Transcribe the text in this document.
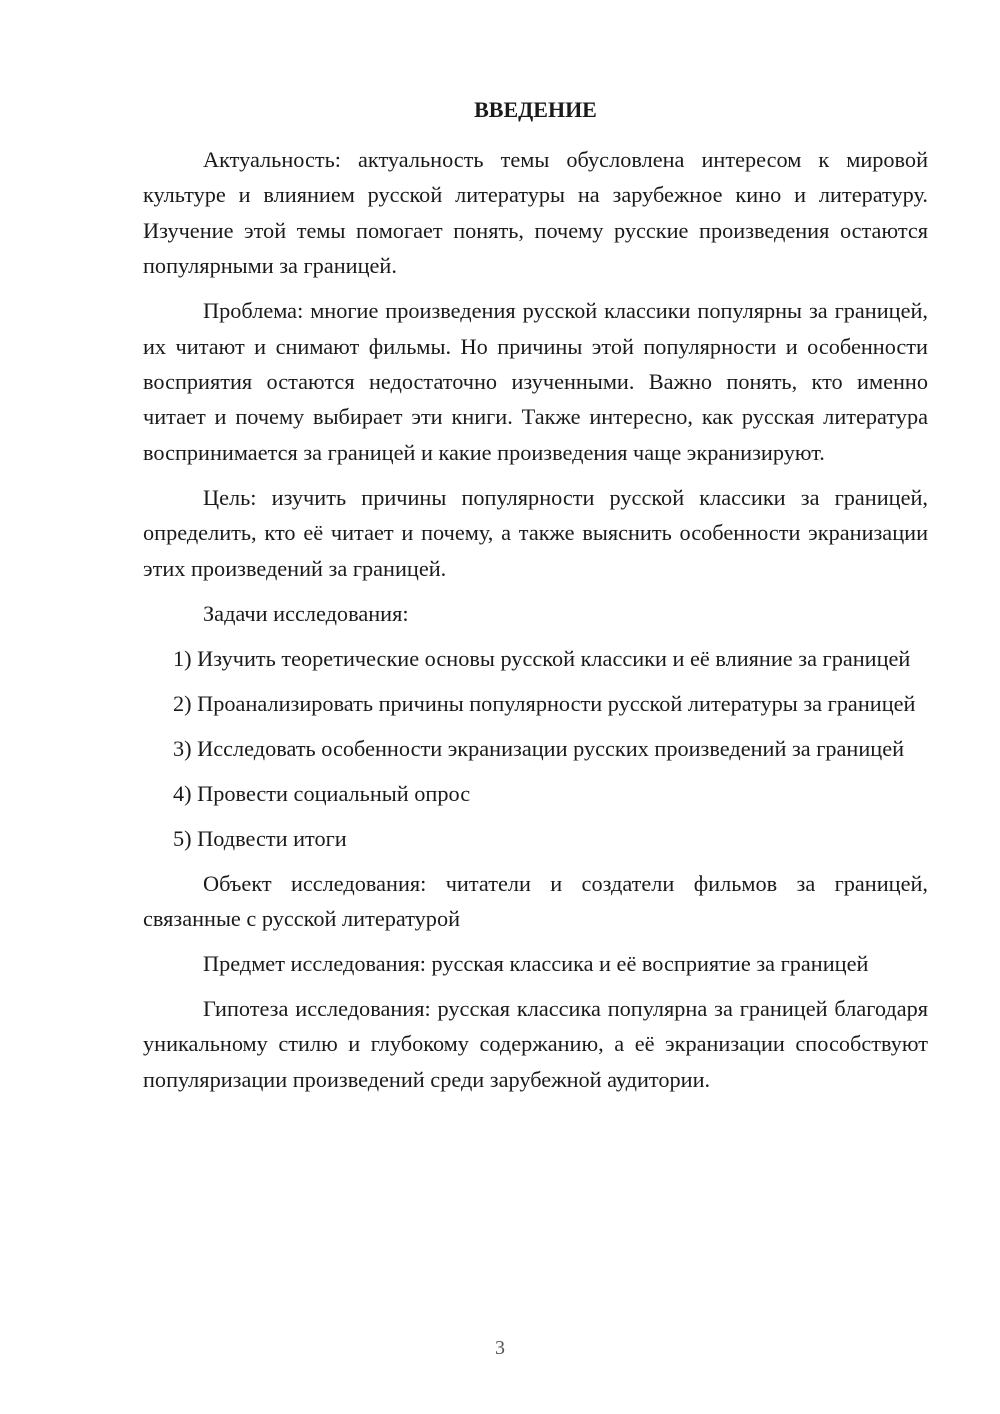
ВВЕДЕНИЕ

Актуальность: актуальность темы обусловлена интересом к мировой культуре и влиянием русской литературы на зарубежное кино и литературу. Изучение этой темы помогает понять, почему русские произведения остаются популярными за границей.

Проблема: многие произведения русской классики популярны за границей, их читают и снимают фильмы. Но причины этой популярности и особенности восприятия остаются недостаточно изученными. Важно понять, кто именно читает и почему выбирает эти книги. Также интересно, как русская литература воспринимается за границей и какие произведения чаще экранизируют.

Цель: изучить причины популярности русской классики за границей, определить, кто её читает и почему, а также выяснить особенности экранизации этих произведений за границей.

Задачи исследования:

1) Изучить теоретические основы русской классики и её влияние за границей

2) Проанализировать причины популярности русской литературы за границей

3) Исследовать особенности экранизации русских произведений за границей

4) Провести социальный опрос

5) Подвести итоги

Объект исследования: читатели и создатели фильмов за границей, связанные с русской литературой

Предмет исследования: русская классика и её восприятие за границей

Гипотеза исследования: русская классика популярна за границей благодаря уникальному стилю и глубокому содержанию, а её экранизации способствуют популяризации произведений среди зарубежной аудитории.

3
